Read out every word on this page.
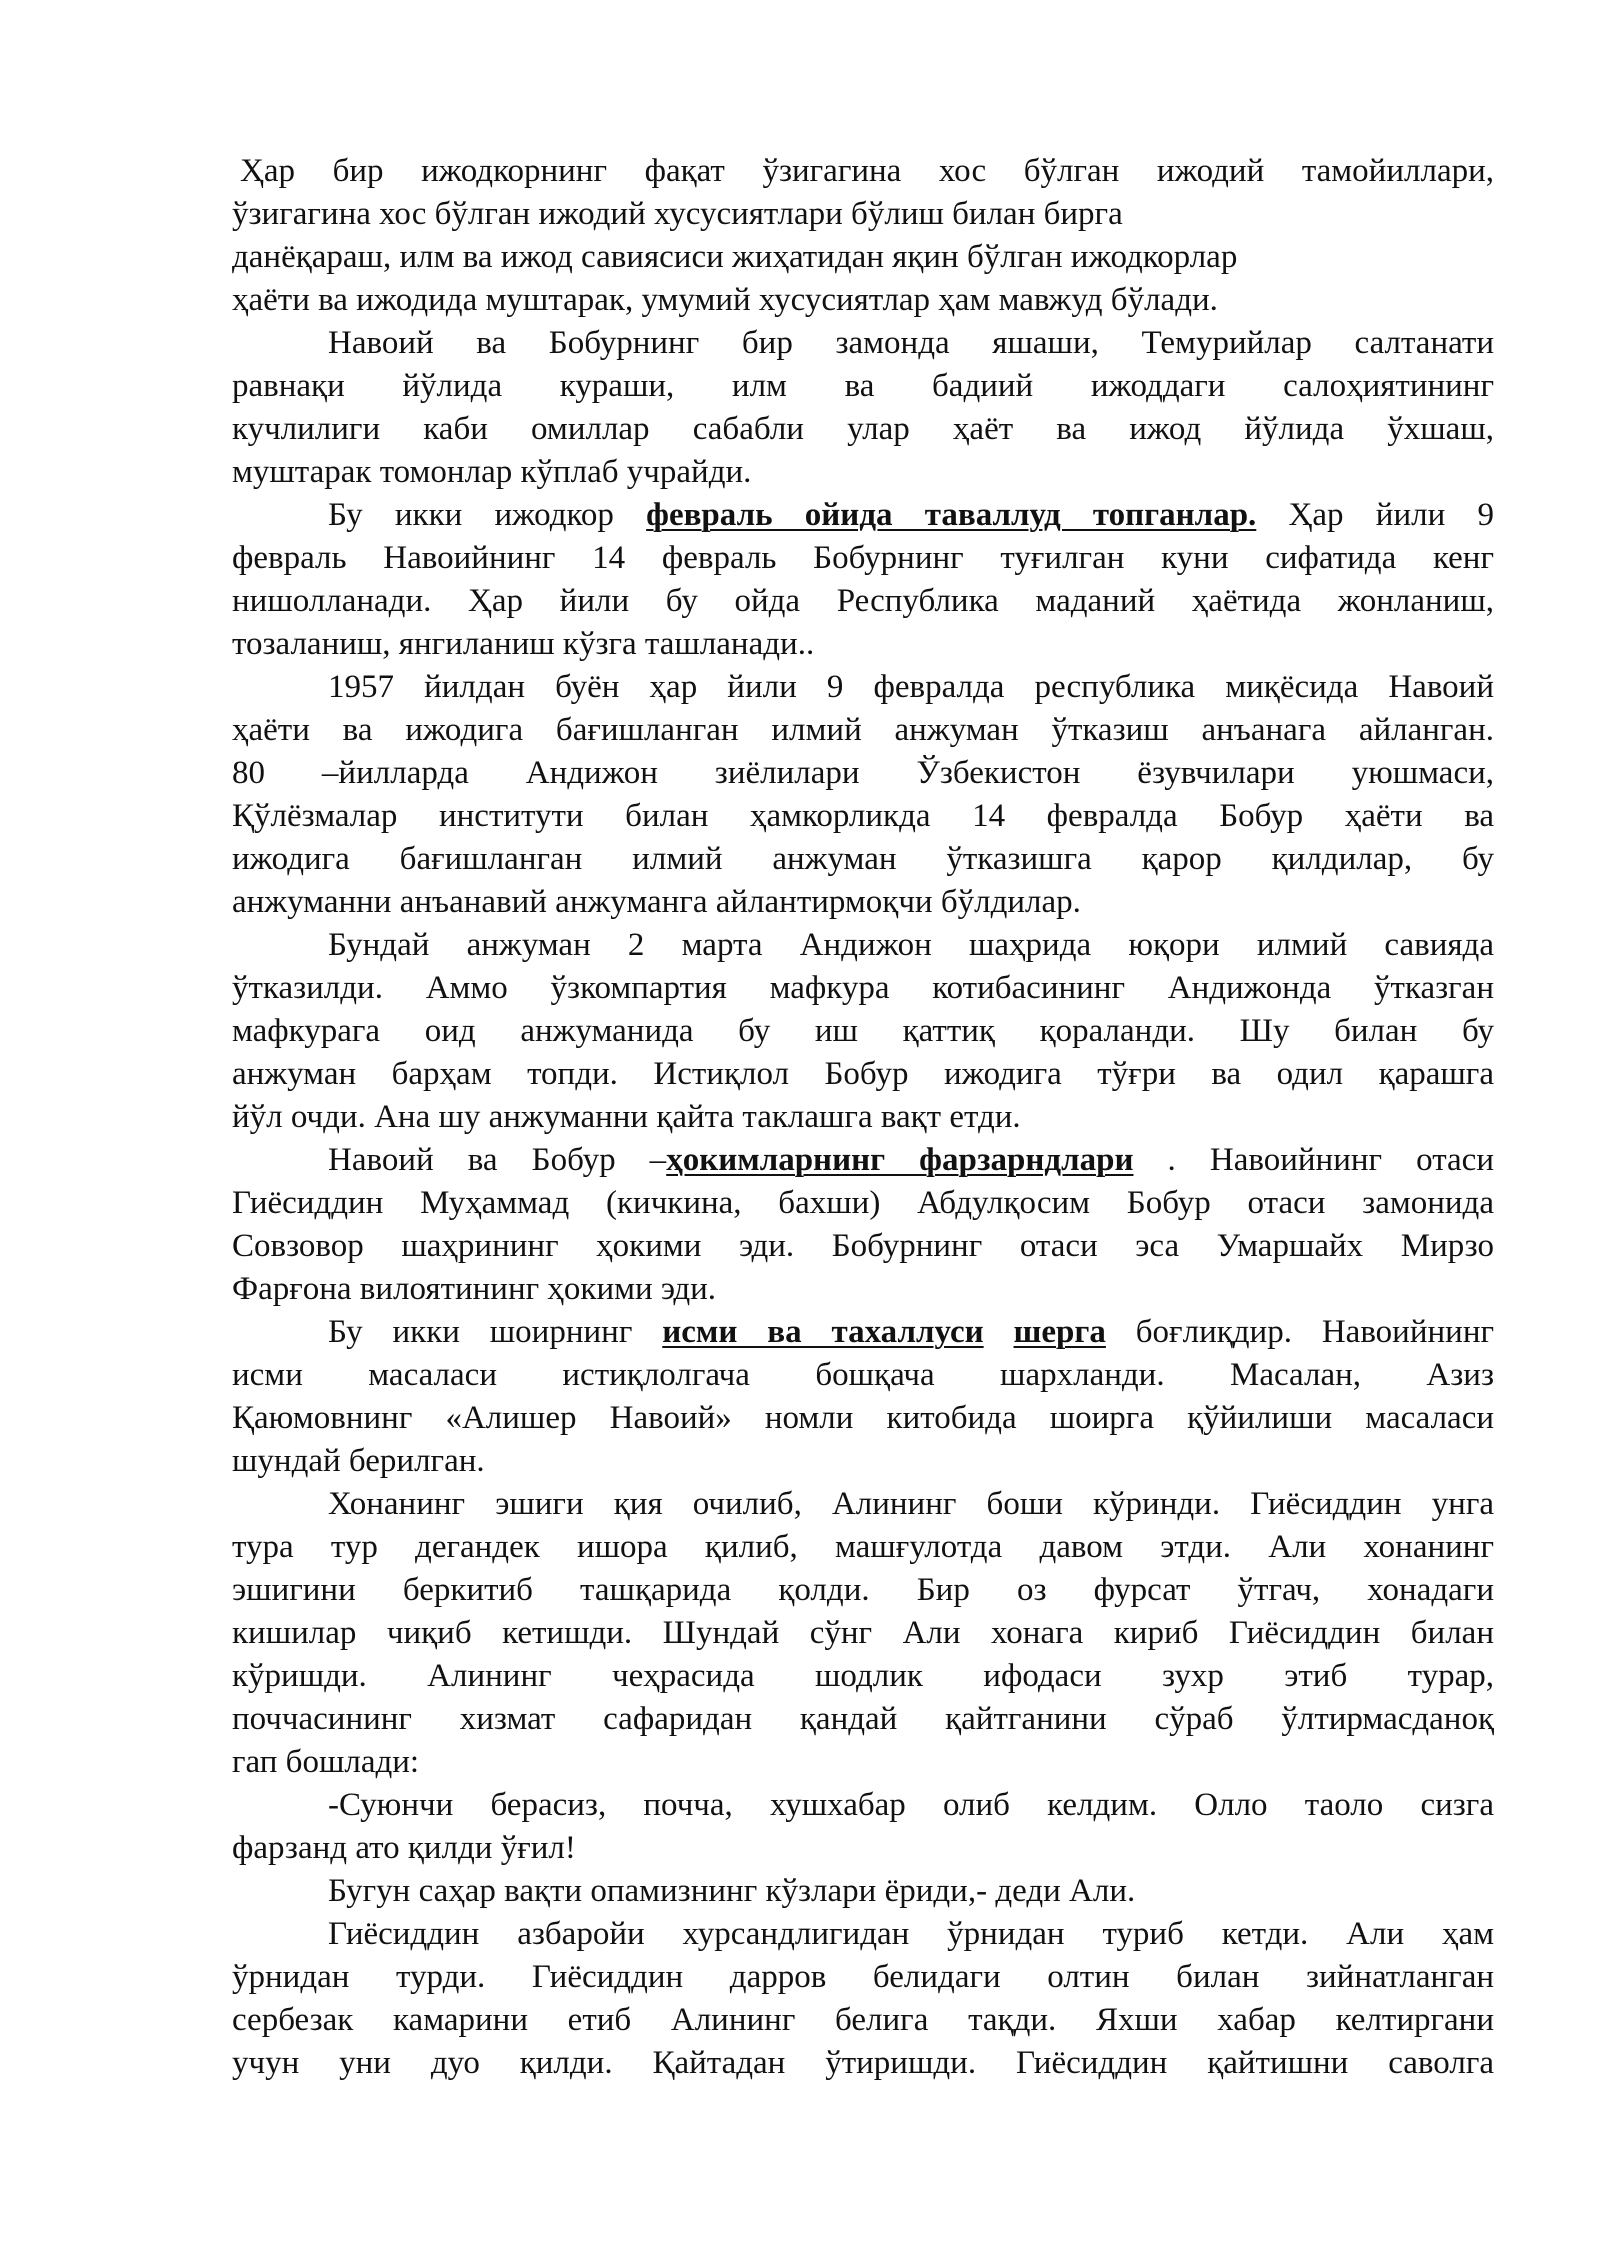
Ҳар бир ижодкорнинг фақат ўзигагина хос бўлган ижодий тамойиллари,
ўзигагина хос бўлган ижодий хусусиятлари бўлиш билан бирга
данёқараш, илм ва ижод савиясиси жиҳатидан яқин бўлган ижодкорлар
ҳаёти ва ижодида муштарак, умумий хусусиятлар ҳам мавжуд бўлади.
Навоий ва Бобурнинг бир замонда яшаши, Темурийлар салтанати
равнақи йўлида кураши, илм ва бадиий ижоддаги салоҳиятининг
кучлилиги каби омиллар сабабли улар ҳаёт ва ижод йўлида ўхшаш,
муштарак томонлар кўплаб учрайди.
Бу икки ижодкор февраль ойида таваллуд топганлар. Ҳар йили 9
февраль Навоийнинг 14 февраль Бобурнинг туғилган куни сифатида кенг
нишолланади. Ҳар йили бу ойда Республика маданий ҳаётида жонланиш,
тозаланиш, янгиланиш кўзга ташланади..
1957 йилдан буён ҳар йили 9 февралда республика миқёсида Навоий
ҳаёти ва ижодига бағишланган илмий анжуман ўтказиш анъанага айланган.
80 –йилларда Андижон зиёлилари Ўзбекистон ёзувчилари уюшмаси,
Қўлёзмалар институти билан ҳамкорликда 14 февралда Бобур ҳаёти ва
ижодига бағишланган илмий анжуман ўтказишга қарор қилдилар, бу
анжуманни анъанавий анжуманга айлантирмоқчи бўлдилар.
Бундай анжуман 2 марта Андижон шаҳрида юқори илмий савияда
ўтказилди. Аммо ўзкомпартия мафкура котибасининг Андижонда ўтказган
мафкурага оид анжуманида бу иш қаттиқ қораланди. Шу билан бу
анжуман барҳам топди. Истиқлол Бобур ижодига тўғри ва одил қарашга
йўл очди. Ана шу анжуманни қайта таклашга вақт етди.
Навоий ва Бобур –ҳокимларнинг фарзарндлари . Навоийнинг отаси
Гиёсиддин Муҳаммад (кичкина, бахши) Абдулқосим Бобур отаси замонида
Совзовор шаҳрининг ҳокими эди. Бобурнинг отаси эса Умаршайх Мирзо
Фарғона вилоятининг ҳокими эди.
Бу икки шоирнинг исми ва тахаллуси шерга боғлиқдир. Навоийнинг
исми масаласи истиқлолгача бошқача шархланди. Масалан, Азиз
Қаюмовнинг «Алишер Навоий» номли китобида шоирга қўйилиши масаласи
шундай берилган.
Хонанинг эшиги қия очилиб, Алининг боши кўринди. Гиёсиддин унга
тура тур дегандек ишора қилиб, машғулотда давом этди. Али хонанинг
эшигини беркитиб ташқарида қолди. Бир оз фурсат ўтгач, хонадаги
кишилар чиқиб кетишди. Шундай сўнг Али хонага кириб Гиёсиддин билан
кўришди. Алининг чеҳрасида шодлик ифодаси зухр этиб турар,
поччасининг хизмат сафаридан қандай қайтганини сўраб ўлтирмасданоқ
гап бошлади:
-Суюнчи берасиз, почча, хушхабар олиб келдим. Олло таоло сизга
фарзанд ато қилди ўғил!
Бугун саҳар вақти опамизнинг кўзлари ёриди,- деди Али.
Гиёсиддин азбаройи хурсандлигидан ўрнидан туриб кетди. Али ҳам
ўрнидан турди. Гиёсиддин дарров белидаги олтин билан зийнатланган
сербезак камарини етиб Алининг белига тақди. Яхши хабар келтиргани
учун уни дуо қилди. Қайтадан ўтиришди. Гиёсиддин қайтишни саволга
